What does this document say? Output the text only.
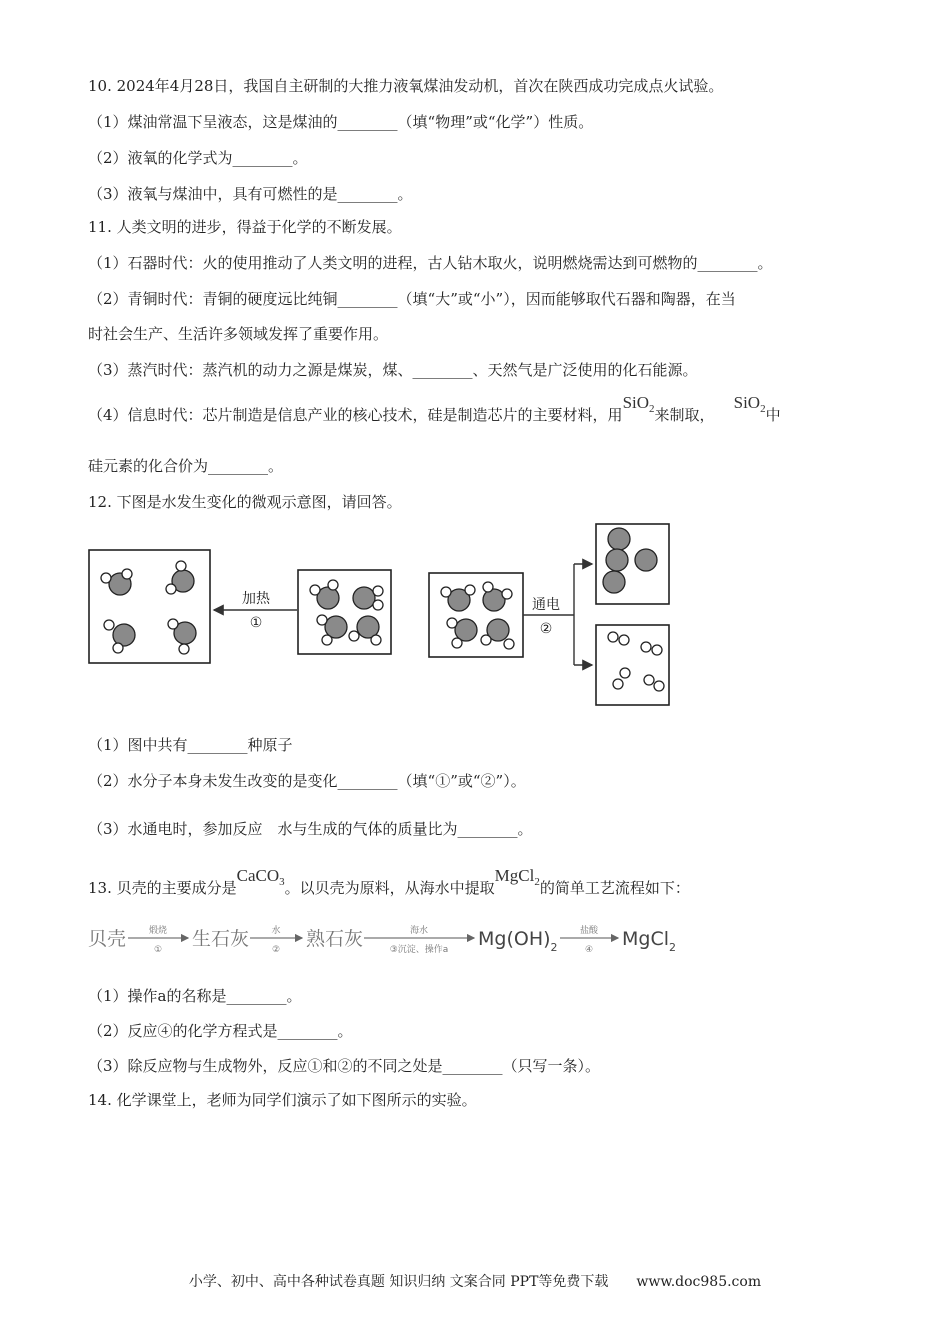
10. 2024年4月28日，我国自主研制的大推力液氧煤油发动机，首次在陕西成功完成点火试验。
（1）煤油常温下呈液态，这是煤油的________（填“物理”或“化学”）性质。
（2）液氧的化学式为________。
（3）液氧与煤油中，具有可燃性的是________。
11. 人类文明的进步，得益于化学的不断发展。
（1）石器时代：火的使用推动了人类文明的进程，古人钻木取火，说明燃烧需达到可燃物的________。
（2）青铜时代：青铜的硬度远比纯铜________（填“大”或“小”），因而能够取代石器和陶器，在当
时社会生产、生活许多领域发挥了重要作用。
（3）蒸汽时代：蒸汽机的动力之源是煤炭，煤、________、天然气是广泛使用的化石能源。
（4）信息时代：芯片制造是信息产业的核心技术，硅是制造芯片的主要材料，用SiO$_2$来制取，    SiO$_2$中
硅元素的化合价为________。
12. 下图是水发生变化的微观示意图，请回答。
加热
①
通电
②
（1）图中共有________种原子
（2）水分子本身未发生改变的是变化________（填“①”或“②”）。
（3）水通电时，参加反应　水与生成的气体的质量比为________。
13. 贝壳的主要成分是CaCO$_3$。以贝壳为原料，从海水中提取MgCl$_2$的简单工艺流程如下：
贝壳	煅烧
① 生石灰 水
② 熟石灰	海水
③沉淀、操作a $Mg(OH)_2$
盐酸
④ MgCl$_2$
（1）操作a的名称是________。
（2）反应④的化学方程式是________。
（3）除反应物与生成物外，反应①和②的不同之处是________（只写一条）。
14. 化学课堂上，老师为同学们演示了如下图所示的实验。
小学、初中、高中各种试卷真题 知识归纳 文案合同 PPT等免费下载　　www.doc985.com
